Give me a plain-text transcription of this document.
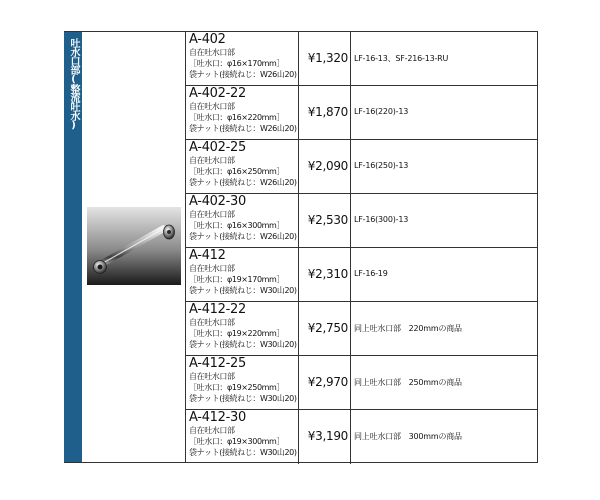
吐水口部(整流吐水)	A-402
自在吐水口部
［吐水口：φ16×170mm］
袋ナット(接続ねじ：W26山20)
¥1,320 LF-16-13、SF-216-13-RU
A-402-22
自在吐水口部
［吐水口：φ16×220mm］
袋ナット(接続ねじ：W26山20)
¥1,870 LF-16(220)-13
A-402-25
自在吐水口部
［吐水口：φ16×250mm］
袋ナット(接続ねじ：W26山20)
¥2,090 LF-16(250)-13
A-402-30
自在吐水口部
［吐水口：φ16×300mm］
袋ナット(接続ねじ：W26山20)
¥2,530 LF-16(300)-13
A-412
自在吐水口部
［吐水口：φ19×170mm］
袋ナット(接続ねじ：W30山20)
¥2,310 LF-16-19
A-412-22
自在吐水口部
［吐水口：φ19×220mm］
袋ナット(接続ねじ：W30山20)
¥2,750 同上吐水口部　220mmの商品
A-412-25
自在吐水口部
［吐水口：φ19×250mm］
袋ナット(接続ねじ：W30山20)
¥2,970 同上吐水口部　250mmの商品
A-412-30
自在吐水口部
［吐水口：φ19×300mm］
袋ナット(接続ねじ：W30山20)
¥3,190 同上吐水口部　300mmの商品
